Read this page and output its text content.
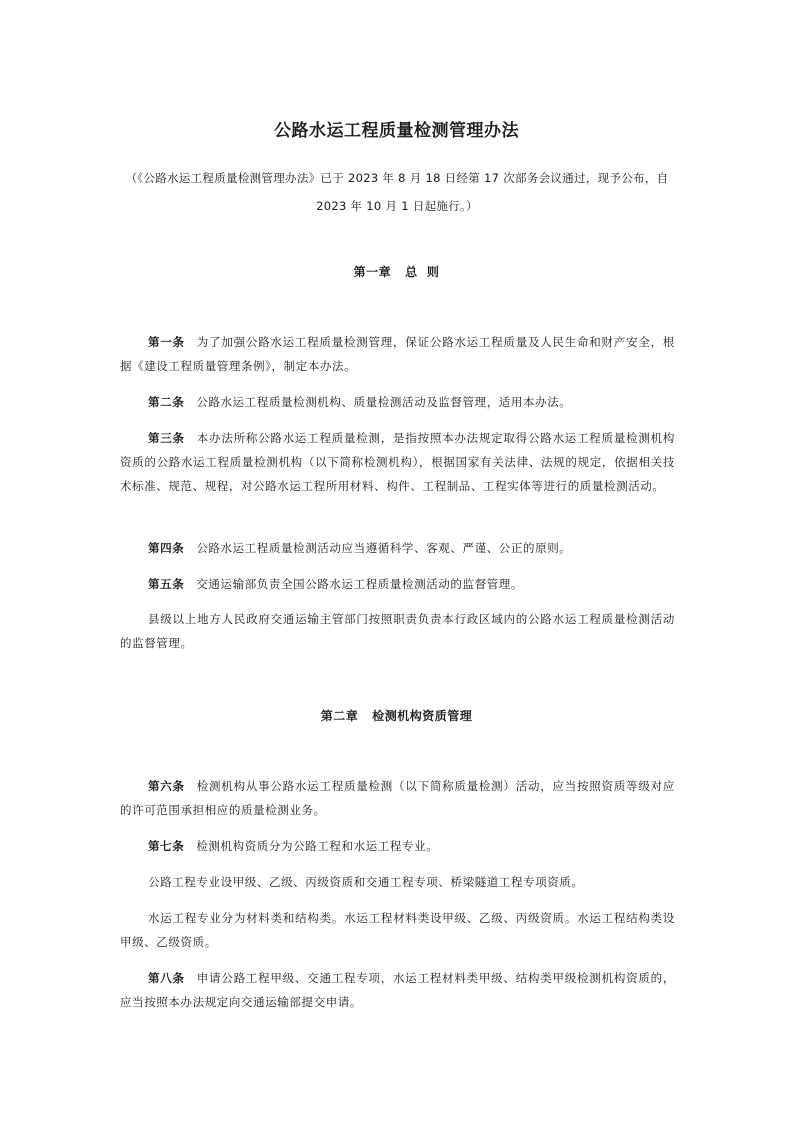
公路水运工程质量检测管理办法
（《公路水运工程质量检测管理办法》已于 2023 年 8 月 18 日经第 17 次部务会议通过，现予公布，自 2023 年 10 月 1 日起施行。）
第一章 总  则
第一条 为了加强公路水运工程质量检测管理，保证公路水运工程质量及人民生命和财产安全，根据《建设工程质量管理条例》，制定本办法。
第二条 公路水运工程质量检测机构、质量检测活动及监督管理，适用本办法。
第三条 本办法所称公路水运工程质量检测，是指按照本办法规定取得公路水运工程质量检测机构资质的公路水运工程质量检测机构（以下简称检测机构），根据国家有关法律、法规的规定，依据相关技术标准、规范、规程，对公路水运工程所用材料、构件、工程制品、工程实体等进行的质量检测活动。
第四条 公路水运工程质量检测活动应当遵循科学、客观、严谨、公正的原则。
第五条 交通运输部负责全国公路水运工程质量检测活动的监督管理。
县级以上地方人民政府交通运输主管部门按照职责负责本行政区域内的公路水运工程质量检测活动的监督管理。
第二章 检测机构资质管理
第六条 检测机构从事公路水运工程质量检测（以下简称质量检测）活动，应当按照资质等级对应的许可范围承担相应的质量检测业务。
第七条 检测机构资质分为公路工程和水运工程专业。
公路工程专业设甲级、乙级、丙级资质和交通工程专项、桥梁隧道工程专项资质。
水运工程专业分为材料类和结构类。水运工程材料类设甲级、乙级、丙级资质。水运工程结构类设甲级、乙级资质。
第八条 申请公路工程甲级、交通工程专项，水运工程材料类甲级、结构类甲级检测机构资质的，应当按照本办法规定向交通运输部提交申请。
